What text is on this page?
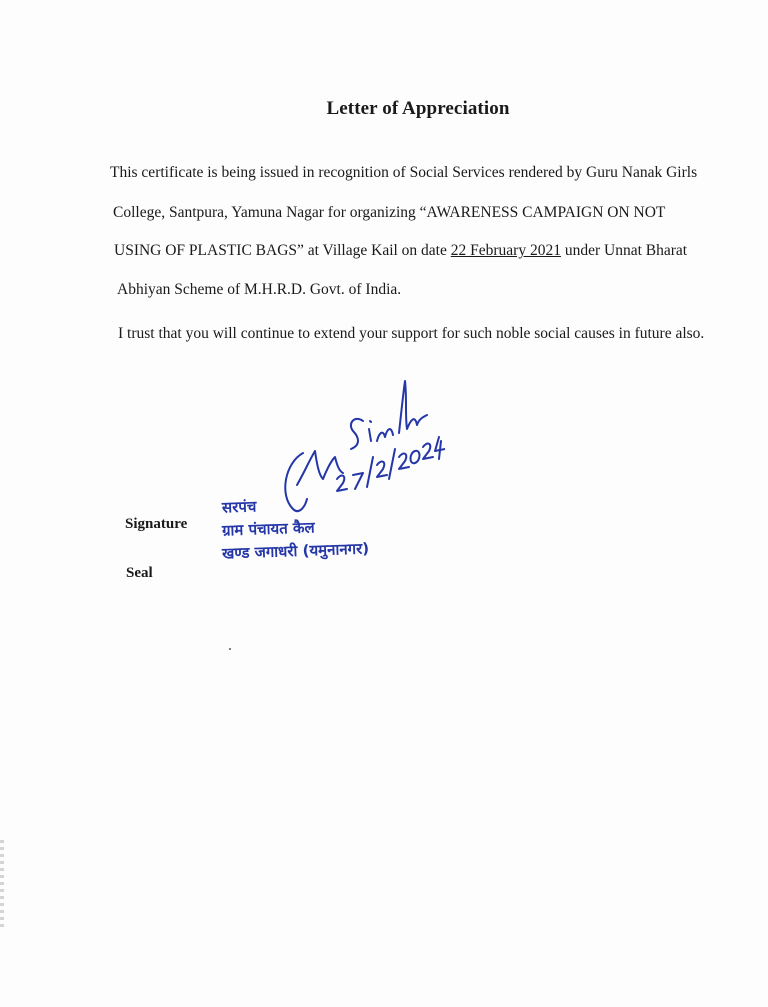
Letter of Appreciation
This certificate is being issued in recognition of Social Services rendered by Guru Nanak Girls
College, Santpura, Yamuna Nagar for organizing “AWARENESS CAMPAIGN ON NOT
USING OF PLASTIC BAGS” at Village Kail on date 22 February 2021 under Unnat Bharat
Abhiyan Scheme of M.H.R.D. Govt. of India.
I trust that you will continue to extend your support for such noble social causes in future also.
Signature
Seal
सरपंच
ग्राम पंचायत कैल
खण्ड जगाधरी (यमुनानगर)
